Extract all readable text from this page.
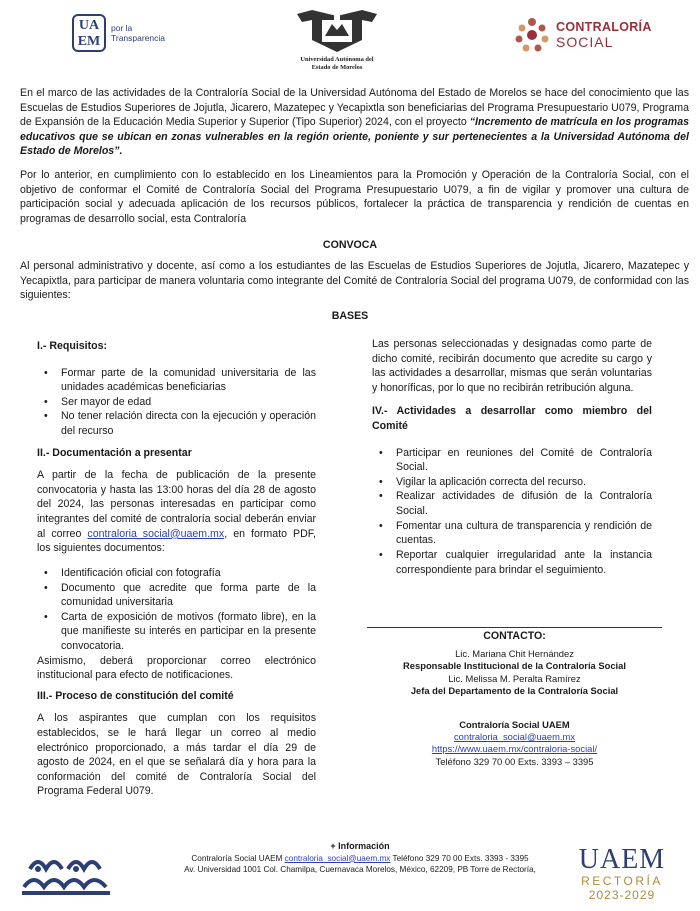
UA EM
por la
Transparencia
Universidad Autónoma del
Estado de Morelos
CONTRALORÍA
SOCIAL
En el marco de las actividades de la Contraloría Social de la Universidad Autónoma del Estado de Morelos se hace del conocimiento que las Escuelas de Estudios Superiores de Jojutla, Jicarero, Mazatepec y Yecapixtla son beneficiarias del Programa Presupuestario U079, Programa de Expansión de la Educación Media Superior y Superior (Tipo Superior) 2024, con el proyecto “Incremento de matrícula en los programas educativos que se ubican en zonas vulnerables en la región oriente, poniente y sur pertenecientes a la Universidad Autónoma del Estado de Morelos”.
Por lo anterior, en cumplimiento con lo establecido en los Lineamientos para la Promoción y Operación de la Contraloría Social, con el objetivo de conformar el Comité de Contraloría Social del Programa Presupuestario U079, a fin de vigilar y promover una cultura de participación social y adecuada aplicación de los recursos públicos, fortalecer la práctica de transparencia y rendición de cuentas en programas de desarrollo social, esta Contraloría
CONVOCA
Al personal administrativo y docente, así como a los estudiantes de las Escuelas de Estudios Superiores de Jojutla, Jicarero, Mazatepec y Yecapixtla, para participar de manera voluntaria como integrante del Comité de Contraloría Social del programa U079, de conformidad con las siguientes:
BASES
I.- Requisitos:
• Formar parte de la comunidad universitaria de las unidades académicas beneficiarias
• Ser mayor de edad
• No tener relación directa con la ejecución y operación del recurso
II.- Documentación a presentar
A partir de la fecha de publicación de la presente convocatoria y hasta las 13:00 horas del día 28 de agosto del 2024, las personas interesadas en participar como integrantes del comité de contraloría social deberán enviar al correo contraloria_social@uaem.mx, en formato PDF, los siguientes documentos:
• Identificación oficial con fotografía
• Documento que acredite que forma parte de la comunidad universitaria
• Carta de exposición de motivos (formato libre), en la que manifieste su interés en participar en la presente convocatoria.
Asimismo, deberá proporcionar correo electrónico institucional para efecto de notificaciones.
III.- Proceso de constitución del comité
A los aspirantes que cumplan con los requisitos establecidos, se le hará llegar un correo al medio electrónico proporcionado, a más tardar el día 29 de agosto de 2024, en el que se señalará día y hora para la conformación del comité de Contraloría Social del Programa Federal U079.
Las personas seleccionadas y designadas como parte de dicho comité, recibirán documento que acredite su cargo y las actividades a desarrollar, mismas que serán voluntarias y honoríficas, por lo que no recibirán retribución alguna.
IV.- Actividades a desarrollar como miembro del Comité
• Participar en reuniones del Comité de Contraloría Social.
• Vigilar la aplicación correcta del recurso.
• Realizar actividades de difusión de la Contraloría Social.
• Fomentar una cultura de transparencia y rendición de cuentas.
• Reportar cualquier irregularidad ante la instancia correspondiente para brindar el seguimiento.
CONTACTO:
Lic. Mariana Chit Hernández
Responsable Institucional de la Contraloría Social
Lic. Melissa M. Peralta Ramírez
Jefa del Departamento de la Contraloría Social
Contraloría Social UAEM
contraloria_social@uaem.mx
https://www.uaem.mx/contraloria-social/
Teléfono 329 70 00 Exts. 3393 – 3395
+ Información
Contraloría Social UAEM contraloria_social@uaem.mx Teléfono 329 70 00 Exts. 3393 - 3395
Av. Universidad 1001 Col. Chamilpa, Cuernavaca Morelos, México, 62209, PB Torre de Rectoría,	UAEM
RECTORÍA
2023-2029
